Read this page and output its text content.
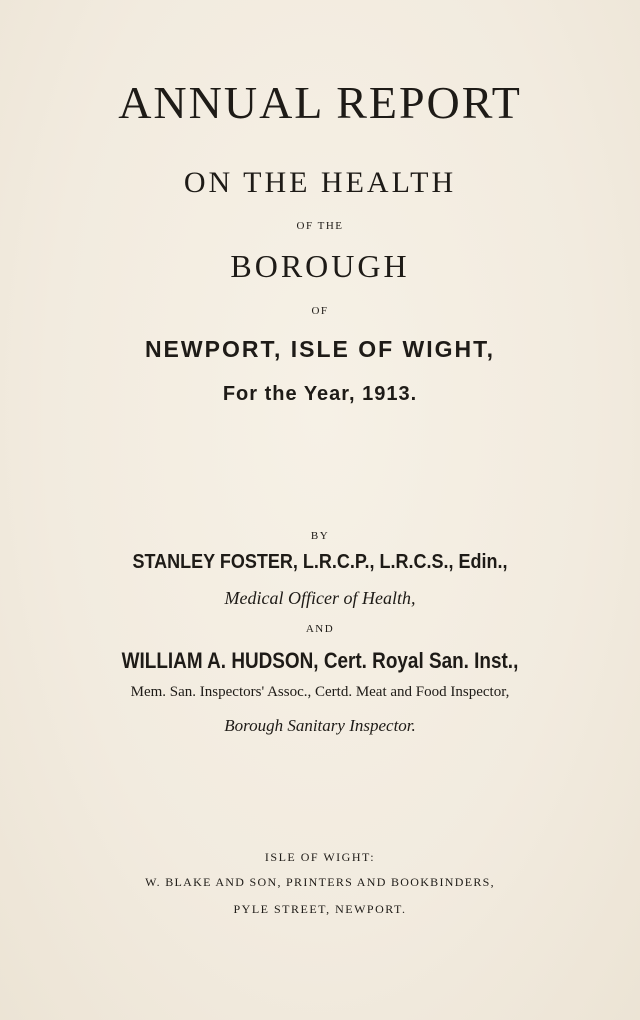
ANNUAL REPORT
ON THE HEALTH
OF THE
BOROUGH
OF
NEWPORT, ISLE OF WIGHT,
For the Year, 1913.
BY
STANLEY FOSTER, L.R.C.P., L.R.C.S., Edin.,
Medical Officer of Health,
AND
WILLIAM A. HUDSON, Cert. Royal San. Inst.,
Mem. San. Inspectors' Assoc., Certd. Meat and Food Inspector,
Borough Sanitary Inspector.
ISLE OF WIGHT:
W. BLAKE AND SON, PRINTERS AND BOOKBINDERS,
PYLE STREET, NEWPORT.
